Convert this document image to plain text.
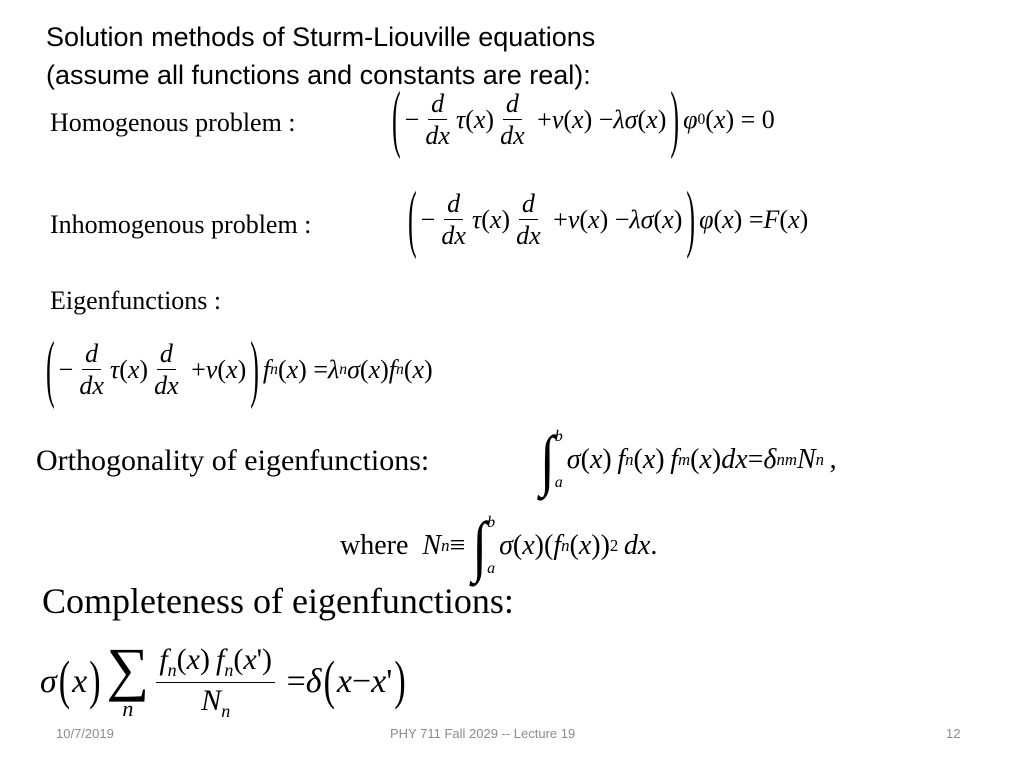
Solution methods of Sturm-Liouville equations
(assume all functions and constants are real):
Homogenous problem :	( − $\frac{d}{dx}$ τ ( x ) $\frac{d}{dx} + v$ ( x ) − λσ ( x ) ) φ 0 ( x ) = 0
Inhomogenous problem :	( − $\frac{d}{dx}$ τ ( x ) $\frac{d}{dx} + v$ ( x ) − λσ ( x ) ) φ ( x ) = F ( x )
Eigenfunctions :
( − $\frac{d}{dx}$ τ ( x ) $\frac{d}{dx} + v$ ( x ) ) f n ( x ) = λ n σ ( x ) f n ( x )
Orthogonality of eigenfunctions: ∫ b
a
σ ( x )  f n ( x )  f m ( x ) dx = δ nm N n  ,
where
N n ≡ ∫ b
a
σ ( x )( f n ( x )) 2
  dx .
Completeness of eigenfunctions:
σ ( x ) ∑
n $\frac{f_n(x) f_n(x')}{N_n} = \delta$ ( x − x ' )
10/7/2019	PHY 711 Fall 2029 -- Lecture 19	12
